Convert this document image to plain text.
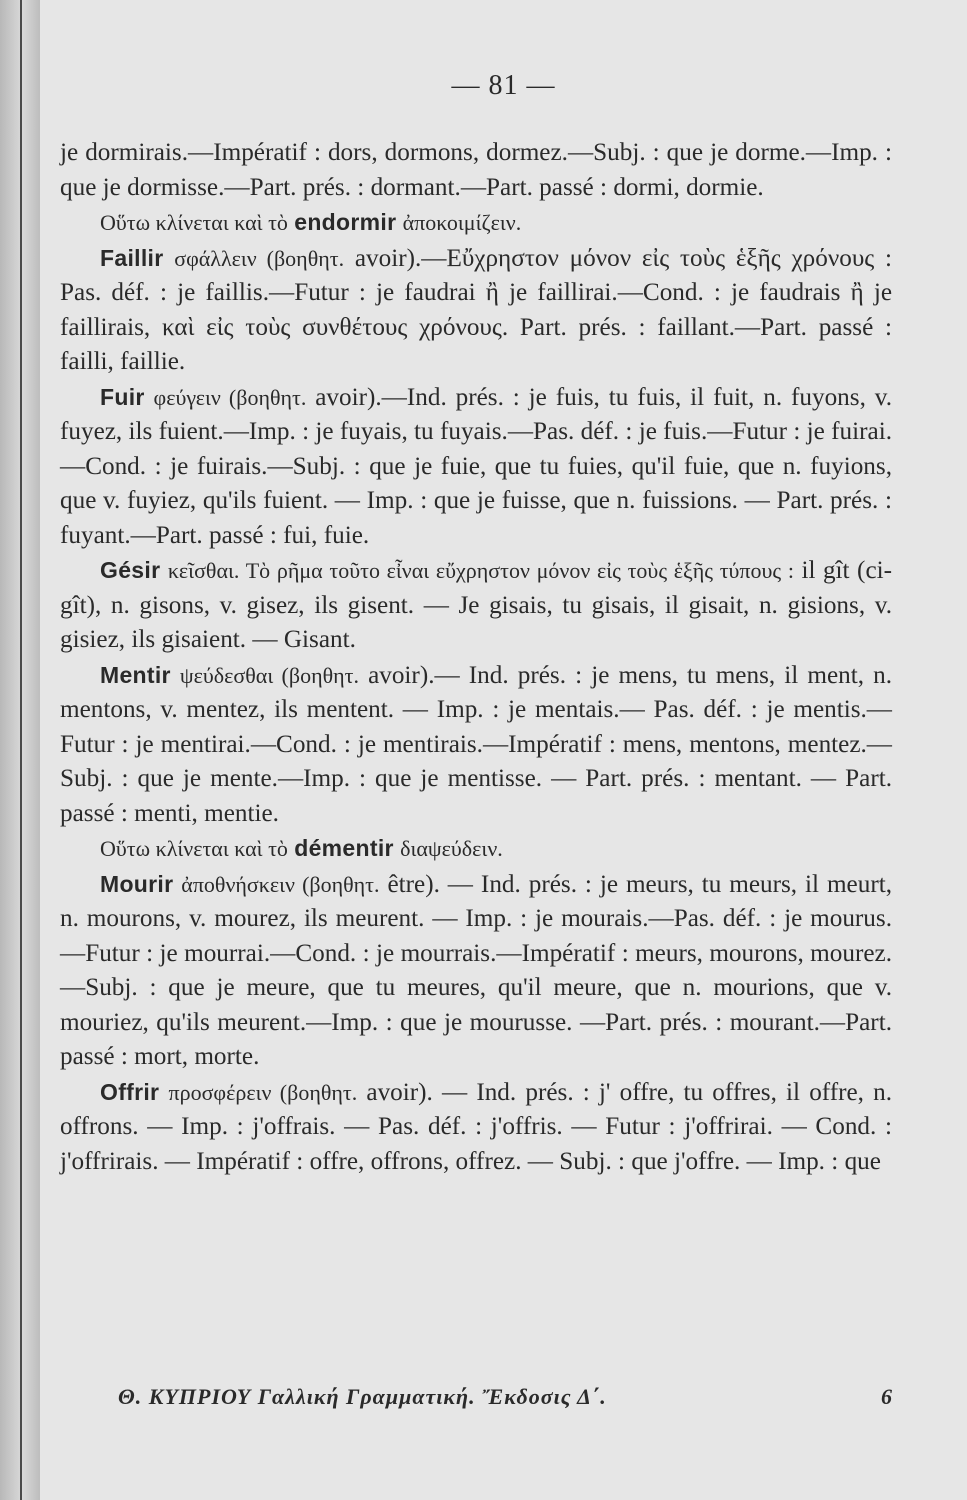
— 81 —

je dormirais.—Impératif : dors, dormons, dormez.—Subj. : que je dorme.—Imp. : que je dormisse.—Part. prés. : dormant.—Part. passé : dormi, dormie.

Οὕτω κλίνεται καὶ τὸ endormir ἀποκοιμίζειν.

Faillir σφάλλειν (βοηθητ. avoir).—Εὔχρηστον μόνον εἰς τοὺς ἑξῆς χρόνους : Pas. déf. : je faillis.—Futur : je faudrai ἢ je faillirai.—Cond. : je faudrais ἢ je faillirais, καὶ εἰς τοὺς συνθέτους χρόνους. Part. prés. : faillant.—Part. passé : failli, faillie.

Fuir φεύγειν (βοηθητ. avoir).—Ind. prés. : je fuis, tu fuis, il fuit, n. fuyons, v. fuyez, ils fuient.—Imp. : je fuyais, tu fuyais.—Pas. déf. : je fuis.—Futur : je fuirai.—Cond. : je fuirais.—Subj. : que je fuie, que tu fuies, qu'il fuie, que n. fuyions, que v. fuyiez, qu'ils fuient. — Imp. : que je fuisse, que n. fuissions. — Part. prés. : fuyant.—Part. passé : fui, fuie.

Gésir κεῖσθαι. Τὸ ρῆμα τοῦτο εἶναι εὔχρηστον μόνον εἰς τοὺς ἑξῆς τύπους : il gît (ci-gît), n. gisons, v. gisez, ils gisent. — Je gisais, tu gisais, il gisait, n. gisions, v. gisiez, ils gisaient. — Gisant.

Mentir ψεύδεσθαι (βοηθητ. avoir).— Ind. prés. : je mens, tu mens, il ment, n. mentons, v. mentez, ils mentent. — Imp. : je mentais.— Pas. déf. : je mentis.—Futur : je mentirai.—Cond. : je mentirais.—Impératif : mens, mentons, mentez.—Subj. : que je mente.—Imp. : que je mentisse. — Part. prés. : mentant. — Part. passé : menti, mentie.

Οὕτω κλίνεται καὶ τὸ démentir διαψεύδειν.

Mourir ἀποθνήσκειν (βοηθητ. être). — Ind. prés. : je meurs, tu meurs, il meurt, n. mourons, v. mourez, ils meurent. — Imp. : je mourais.—Pas. déf. : je mourus.—Futur : je mourrai.—Cond. : je mourrais.—Impératif : meurs, mourons, mourez.—Subj. : que je meure, que tu meures, qu'il meure, que n. mourions, que v. mouriez, qu'ils meurent.—Imp. : que je mourusse. —Part. prés. : mourant.—Part. passé : mort, morte.

Offrir προσφέρειν (βοηθητ. avoir). — Ind. prés. : j' offre, tu offres, il offre, n. offrons. — Imp. : j'offrais. — Pas. déf. : j'offris. — Futur : j'offrirai. — Cond. : j'offrirais. — Impératif : offre, offrons, offrez. — Subj. : que j'offre. — Imp. : que

Θ. ΚΥΠΡΙΟΥ Γαλλική Γραμματική. Ἔκδοσις Δ΄.	6
